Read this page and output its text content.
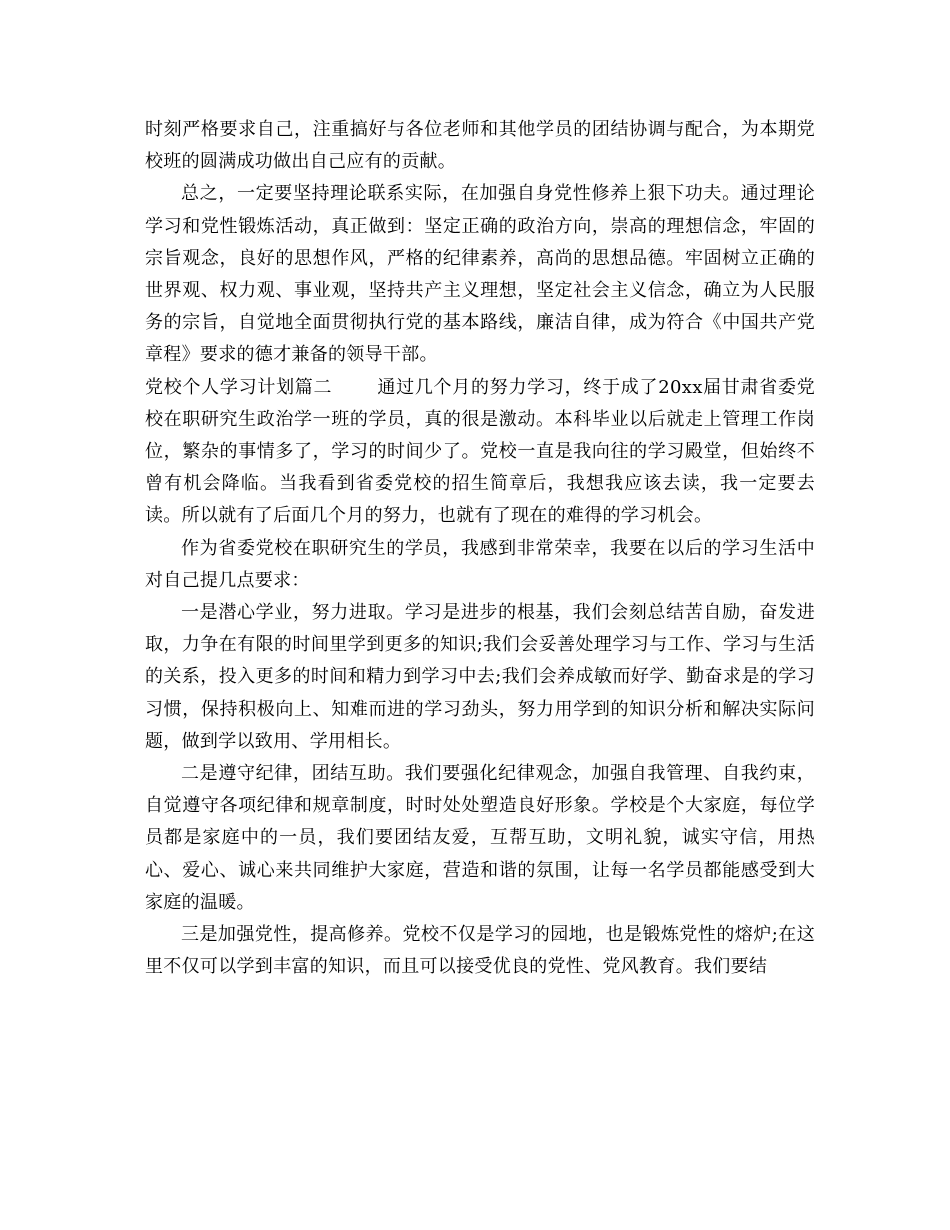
时刻严格要求自己，注重搞好与各位老师和其他学员的团结协调与配合，为本期党校班的圆满成功做出自己应有的贡献。

总之，一定要坚持理论联系实际，在加强自身党性修养上狠下功夫。通过理论学习和党性锻炼活动，真正做到：坚定正确的政治方向，崇高的理想信念，牢固的宗旨观念，良好的思想作风，严格的纪律素养，高尚的思想品德。牢固树立正确的世界观、权力观、事业观，坚持共产主义理想，坚定社会主义信念，确立为人民服务的宗旨，自觉地全面贯彻执行党的基本路线，廉洁自律，成为符合《中国共产党章程》要求的德才兼备的领导干部。

党校个人学习计划篇二	通过几个月的努力学习，终于成了20xx届甘肃省委党校在职研究生政治学一班的学员，真的很是激动。本科毕业以后就走上管理工作岗位，繁杂的事情多了，学习的时间少了。党校一直是我向往的学习殿堂，但始终不曾有机会降临。当我看到省委党校的招生简章后，我想我应该去读，我一定要去读。所以就有了后面几个月的努力，也就有了现在的难得的学习机会。

作为省委党校在职研究生的学员，我感到非常荣幸，我要在以后的学习生活中对自己提几点要求：

一是潜心学业，努力进取。学习是进步的根基，我们会刻总结苦自励，奋发进取，力争在有限的时间里学到更多的知识;我们会妥善处理学习与工作、学习与生活的关系，投入更多的时间和精力到学习中去;我们会养成敏而好学、勤奋求是的学习习惯，保持积极向上、知难而进的学习劲头，努力用学到的知识分析和解决实际问题，做到学以致用、学用相长。

二是遵守纪律，团结互助。我们要强化纪律观念，加强自我管理、自我约束，自觉遵守各项纪律和规章制度，时时处处塑造良好形象。学校是个大家庭，每位学员都是家庭中的一员，我们要团结友爱，互帮互助，文明礼貌，诚实守信，用热心、爱心、诚心来共同维护大家庭，营造和谐的氛围，让每一名学员都能感受到大家庭的温暖。

三是加强党性，提高修养。党校不仅是学习的园地，也是锻炼党性的熔炉;在这里不仅可以学到丰富的知识，而且可以接受优良的党性、党风教育。我们要结
